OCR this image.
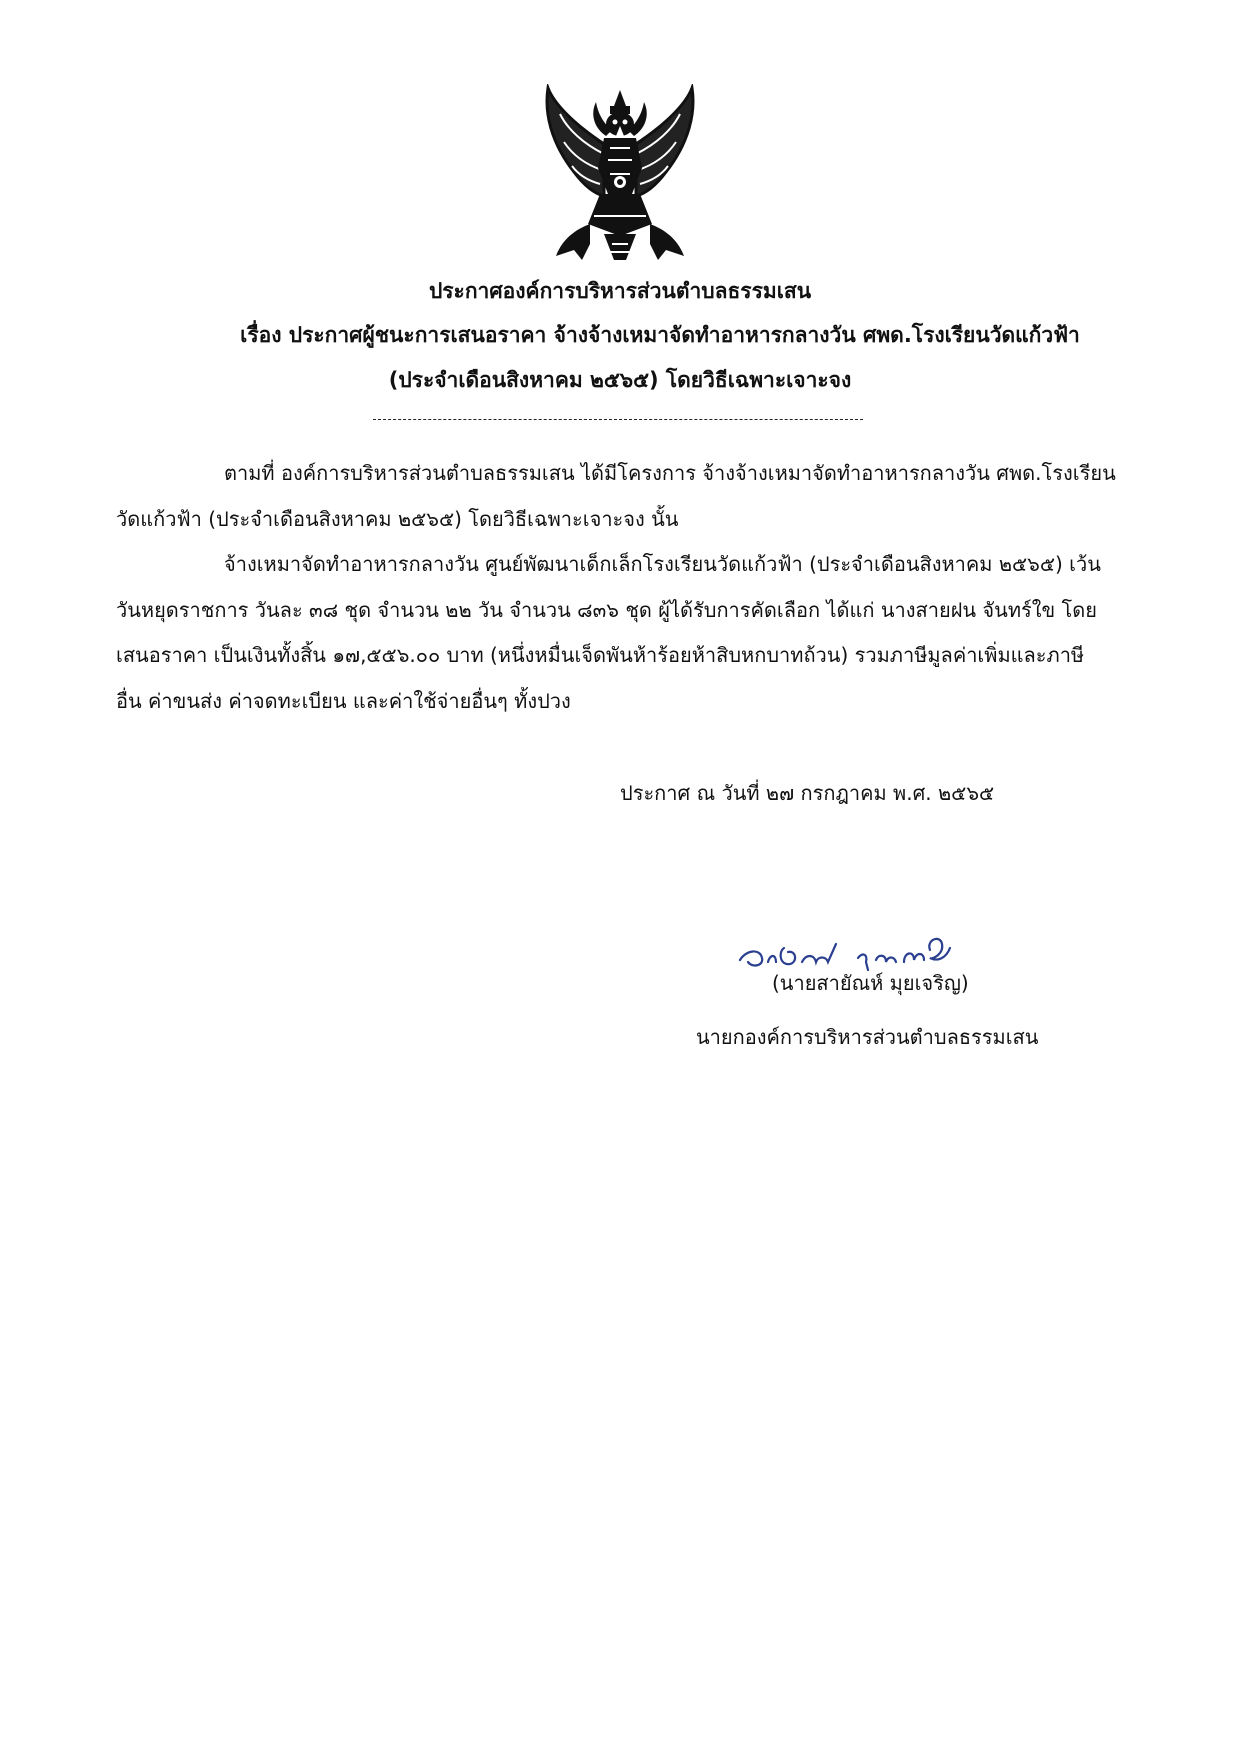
ประกาศองค์การบริหารส่วนตำบลธรรมเสน
เรื่อง ประกาศผู้ชนะการเสนอราคา จ้างจ้างเหมาจัดทำอาหารกลางวัน ศพด.โรงเรียนวัดแก้วฟ้า
(ประจำเดือนสิงหาคม ๒๕๖๕) โดยวิธีเฉพาะเจาะจง
ตามที่ องค์การบริหารส่วนตำบลธรรมเสน ได้มีโครงการ จ้างจ้างเหมาจัดทำอาหารกลางวัน ศพด.โรงเรียน
วัดแก้วฟ้า (ประจำเดือนสิงหาคม ๒๕๖๕) โดยวิธีเฉพาะเจาะจง นั้น
จ้างเหมาจัดทำอาหารกลางวัน ศูนย์พัฒนาเด็กเล็กโรงเรียนวัดแก้วฟ้า (ประจำเดือนสิงหาคม ๒๕๖๕) เว้น
วันหยุดราชการ วันละ ๓๘ ชุด จำนวน ๒๒ วัน จำนวน ๘๓๖ ชุด ผู้ได้รับการคัดเลือก ได้แก่ นางสายฝน จันทร์ใข โดย
เสนอราคา เป็นเงินทั้งสิ้น ๑๗,๕๕๖.๐๐ บาท (หนึ่งหมื่นเจ็ดพันห้าร้อยห้าสิบหกบาทถ้วน) รวมภาษีมูลค่าเพิ่มและภาษี
อื่น ค่าขนส่ง ค่าจดทะเบียน และค่าใช้จ่ายอื่นๆ ทั้งปวง
ประกาศ ณ วันที่ ๒๗ กรกฎาคม พ.ศ. ๒๕๖๕
(นายสายัณห์ มุยเจริญ)
นายกองค์การบริหารส่วนตำบลธรรมเสน
